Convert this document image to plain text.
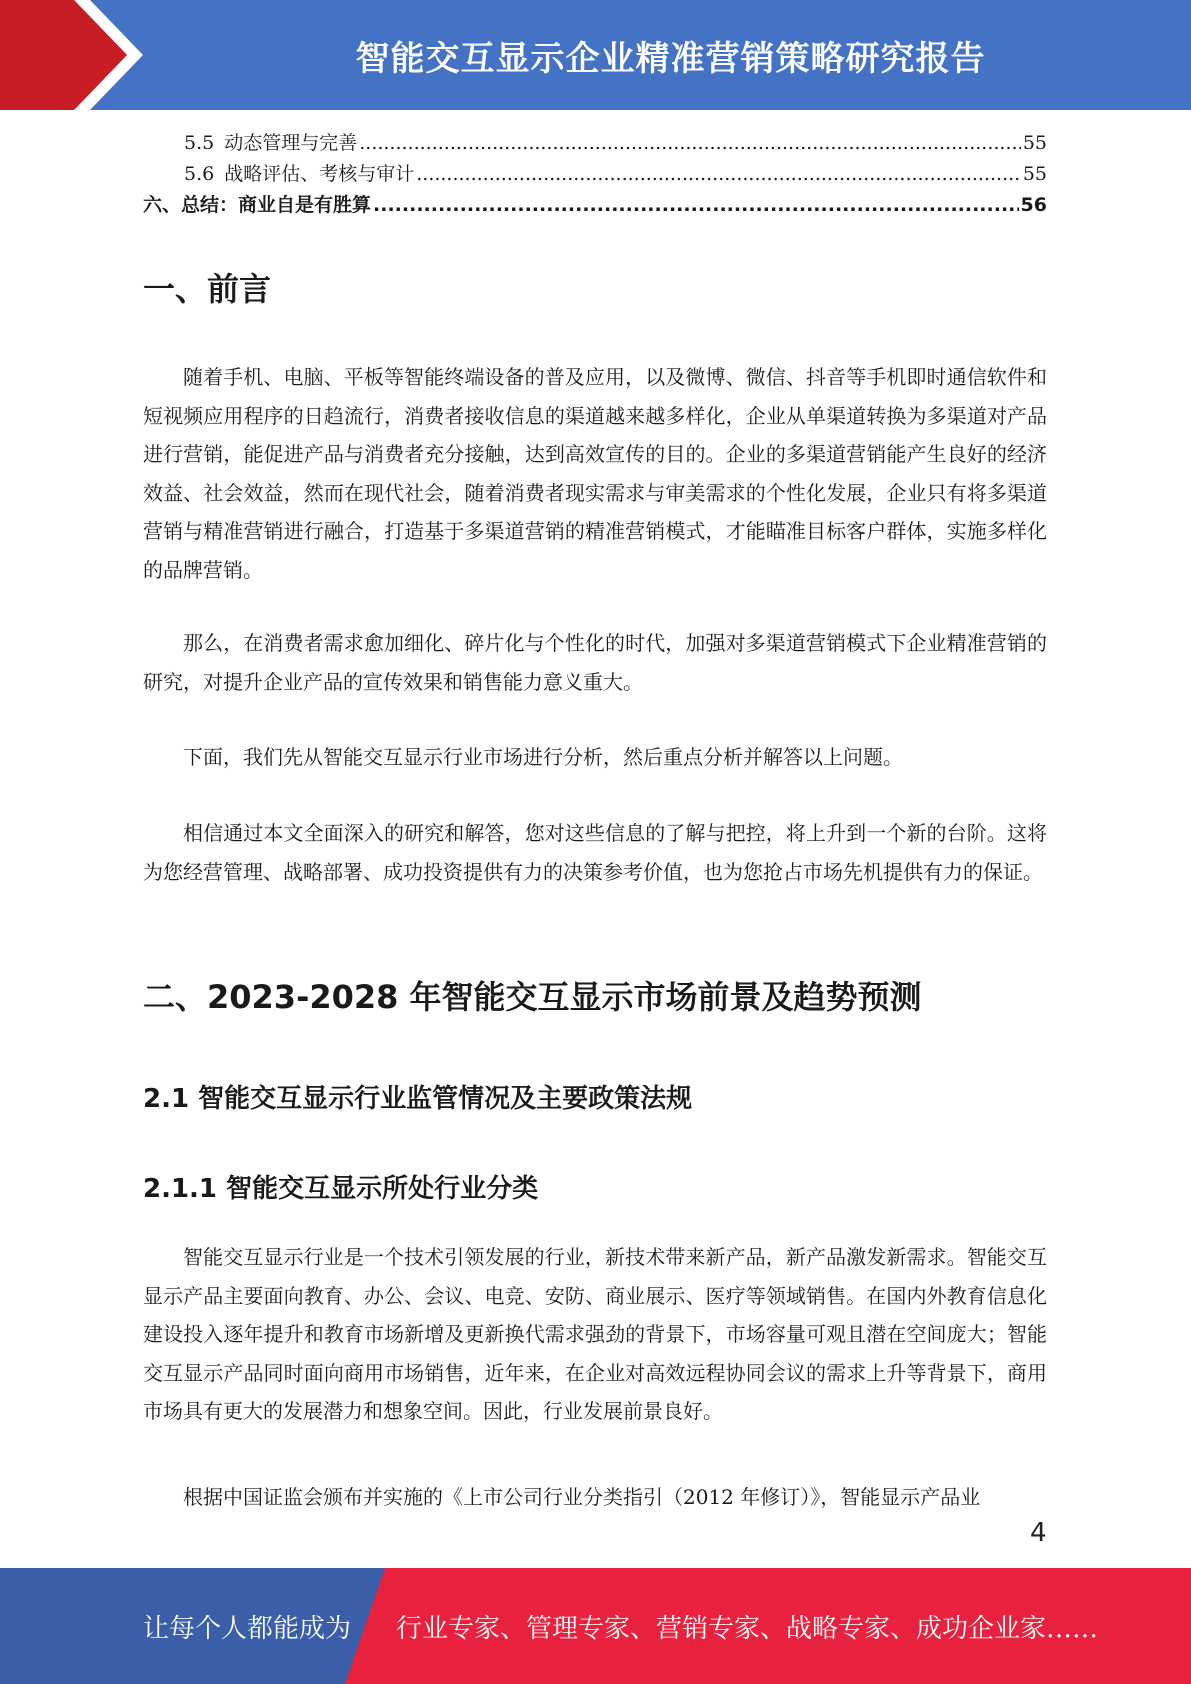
智能交互显示企业精准营销策略研究报告
5.5 动态管理与完善 .....	55
5.6 战略评估、考核与审计 .....	55
六、总结：商业自是有胜算 .....	56
一、前言

随着手机、电脑、平板等智能终端设备的普及应用，以及微博、微信、抖音等手机即时通信软件和短视频应用程序的日趋流行，消费者接收信息的渠道越来越多样化，企业从单渠道转换为多渠道对产品进行营销，能促进产品与消费者充分接触，达到高效宣传的目的。企业的多渠道营销能产生良好的经济效益、社会效益，然而在现代社会，随着消费者现实需求与审美需求的个性化发展，企业只有将多渠道营销与精准营销进行融合，打造基于多渠道营销的精准营销模式，才能瞄准目标客户群体，实施多样化的品牌营销。

那么，在消费者需求愈加细化、碎片化与个性化的时代，加强对多渠道营销模式下企业精准营销的研究，对提升企业产品的宣传效果和销售能力意义重大。

下面，我们先从智能交互显示行业市场进行分析，然后重点分析并解答以上问题。

相信通过本文全面深入的研究和解答，您对这些信息的了解与把控，将上升到一个新的台阶。这将为您经营管理、战略部署、成功投资提供有力的决策参考价值，也为您抢占市场先机提供有力的保证。

二、2023-2028 年智能交互显示市场前景及趋势预测
2.1 智能交互显示行业监管情况及主要政策法规
2.1.1 智能交互显示所处行业分类

智能交互显示行业是一个技术引领发展的行业，新技术带来新产品，新产品激发新需求。智能交互显示产品主要面向教育、办公、会议、电竞、安防、商业展示、医疗等领域销售。在国内外教育信息化建设投入逐年提升和教育市场新增及更新换代需求强劲的背景下，市场容量可观且潜在空间庞大；智能交互显示产品同时面向商用市场销售，近年来，在企业对高效远程协同会议的需求上升等背景下，商用市场具有更大的发展潜力和想象空间。因此，行业发展前景良好。

根据中国证监会颁布并实施的《上市公司行业分类指引（2012 年修订）》，智能显示产品业

4
让每个人都能成为 行业专家、管理专家、营销专家、战略专家、成功企业家……
